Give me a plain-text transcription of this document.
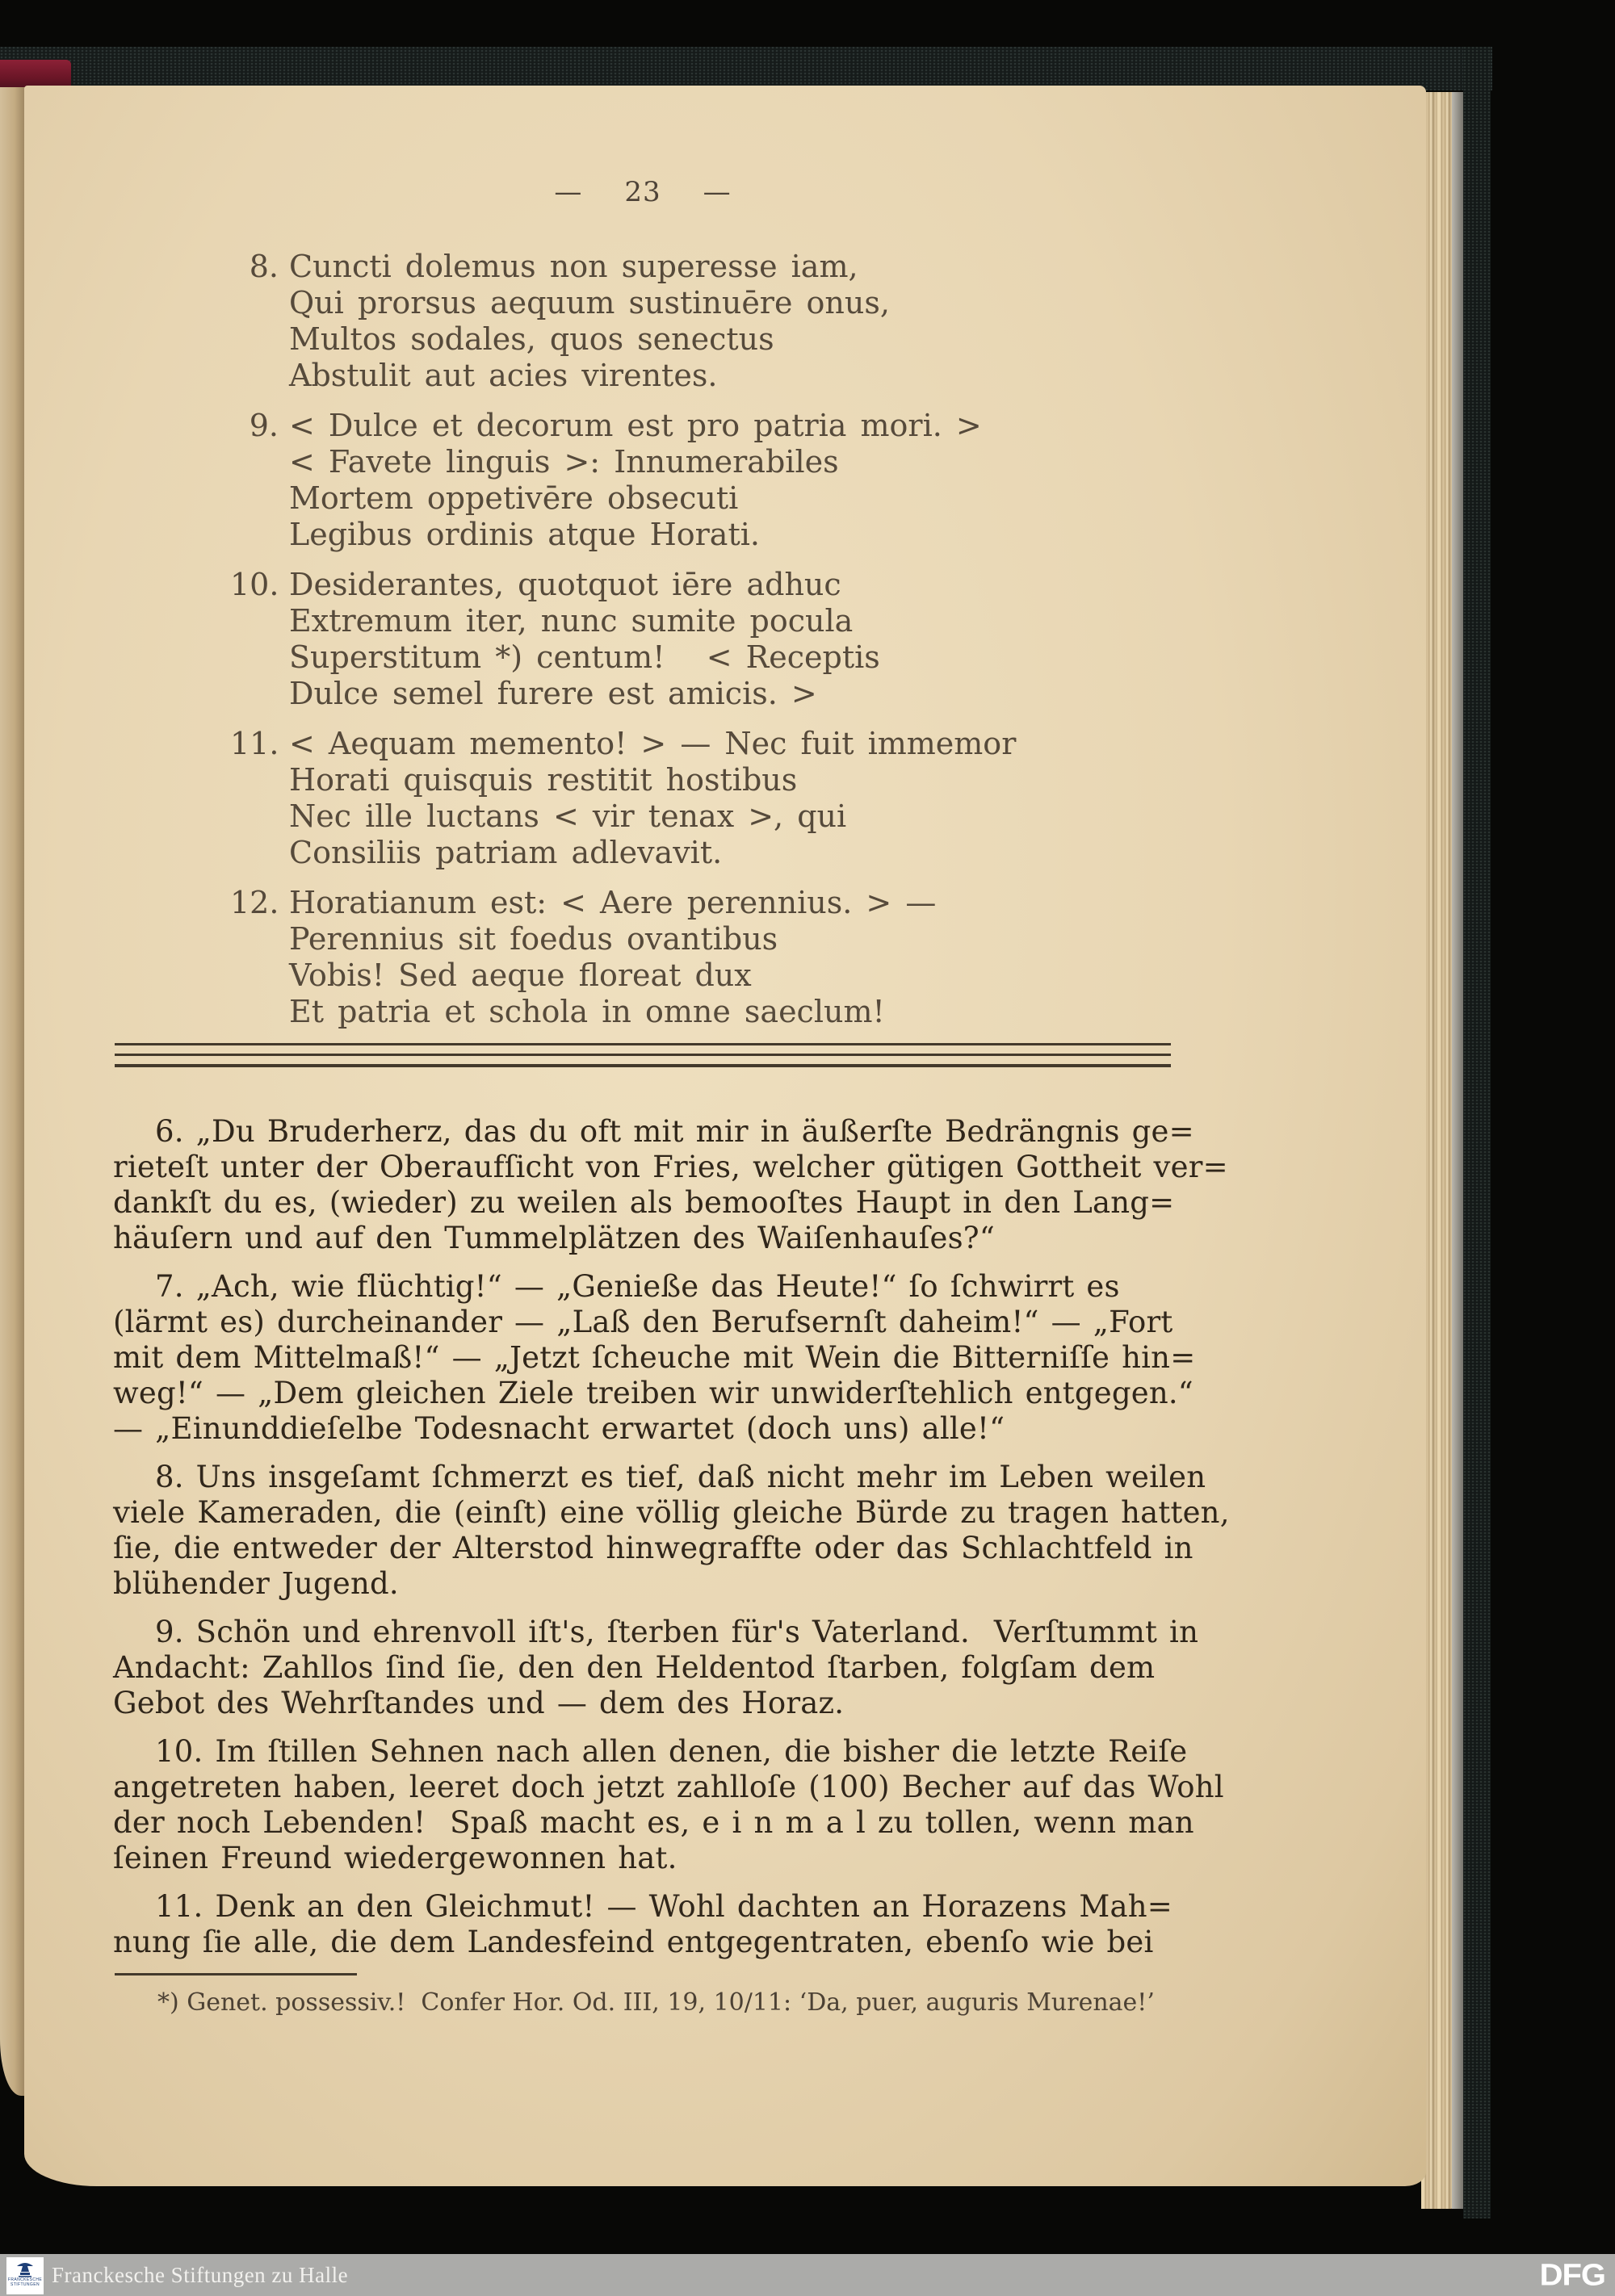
— 23 —
8. Cuncti dolemus non superesse iam,
Qui prorsus aequum sustinuēre onus,
Multos sodales, quos senectus
Abstulit aut acies virentes.
9. < Dulce et decorum est pro patria mori. >
< Favete linguis >: Innumerabiles
Mortem oppetivēre obsecuti
Legibus ordinis atque Horati.
10. Desiderantes, quotquot iēre adhuc
Extremum iter, nunc sumite pocula
Superstitum *) centum!   < Receptis
Dulce semel furere est amicis. >
11. < Aequam memento! > — Nec fuit immemor
Horati quisquis restitit hostibus
Nec ille luctans < vir tenax >, qui
Consiliis patriam adlevavit.
12. Horatianum est: < Aere perennius. > —
Perennius sit foedus ovantibus
Vobis! Sed aeque floreat dux
Et patria et schola in omne saeclum!
6. „Du Bruderherz, das du oft mit mir in äußerſte Bedrängnis ge=
rieteſt unter der Oberaufſicht von Fries, welcher gütigen Gottheit ver=
dankſt du es, (wieder) zu weilen als bemooſtes Haupt in den Lang=
häuſern und auf den Tummelplätzen des Waiſenhauſes?“
7. „Ach, wie flüchtig!“ — „Genieße das Heute!“ ſo ſchwirrt es
(lärmt es) durcheinander — „Laß den Berufsernſt daheim!“ — „Fort
mit dem Mittelmaß!“ — „Jetzt ſcheuche mit Wein die Bitterniſſe hin=
weg!“ — „Dem gleichen Ziele treiben wir unwiderſtehlich entgegen.“
— „Einunddieſelbe Todesnacht erwartet (doch uns) alle!“
8. Uns insgeſamt ſchmerzt es tief, daß nicht mehr im Leben weilen
viele Kameraden, die (einſt) eine völlig gleiche Bürde zu tragen hatten,
ſie, die entweder der Alterstod hinwegraffte oder das Schlachtfeld in
blühender Jugend.
9. Schön und ehrenvoll iſt's, ſterben für's Vaterland.  Verſtummt in
Andacht: Zahllos ſind ſie, den den Heldentod ſtarben, folgſam dem
Gebot des Wehrſtandes und — dem des Horaz.
10. Im ſtillen Sehnen nach allen denen, die bisher die letzte Reiſe
angetreten haben, leeret doch jetzt zahlloſe (100) Becher auf das Wohl
der noch Lebenden!  Spaß macht es, e i n m a l zu tollen, wenn man
ſeinen Freund wiedergewonnen hat.
11. Denk an den Gleichmut! — Wohl dachten an Horazens Mah=
nung ſie alle, die dem Landesfeind entgegentraten, ebenſo wie bei
*) Genet. possessiv.!  Confer Hor. Od. III, 19, 10/11: ‘Da, puer, auguris Murenae!’
FRANCKESCHE
STIFTUNGEN Franckesche Stiftungen zu Halle	DFG
